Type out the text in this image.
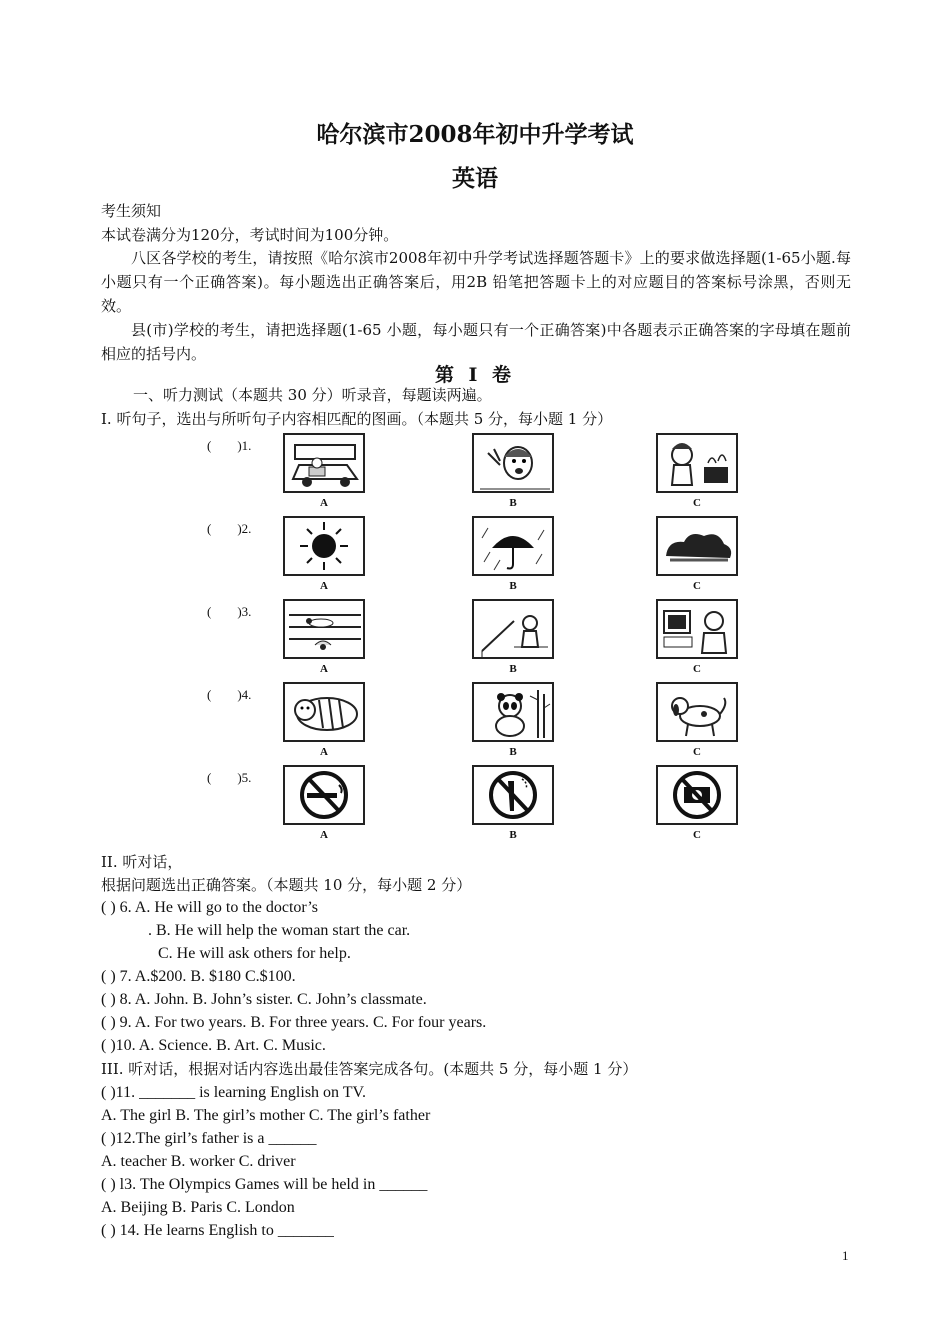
哈尔滨市2008年初中升学考试
英语
考生须知
本试卷满分为120分，考试时间为100分钟。
八区各学校的考生，请按照《哈尔滨市2008年初中升学考试选择题答题卡》上的要求做选择题(1-65小题.每小题只有一个正确答案)。每小题选出正确答案后，用2B 铅笔把答题卡上的对应题目的答案标号涂黑，否则无效。
县(市)学校的考生，请把选择题(1-65 小题，每小题只有一个正确答案)中各题表示正确答案的字母填在题前相应的括号内。
第 Ⅰ 卷
一、听力测试（本题共 30 分）听录音，每题读两遍。
Ⅰ. 听句子，选出与所听句子内容相匹配的图画。（本题共 5 分，每小题 1 分）
(　　)1.
A	B	C
(　　)2.
A	B	C
(　　)3.
A	B	C
(　　)4.
A	B	C
(　　)5.
A	B	C
II. 听对话，
根据问题选出正确答案。（本题共 10 分，每小题 2 分）
( ) 6. A. He will go to the doctor’s
. B. He will help the woman start the car.
C. He will ask others for help.
( ) 7. A.$200. B. $180 C.$100.
( ) 8. A. John. B. John’s sister. C. John’s classmate.
( ) 9. A. For two years. B. For three years. C. For four years.
( )10. A. Science. B. Art. C. Music.
III. 听对话，根据对话内容选出最佳答案完成各句。(本题共 5 分，每小题 1 分）
( )11. _______ is learning English on TV.
A. The girl B. The girl’s mother C. The girl’s father
( )12.The girl’s father is a ______
A. teacher B. worker C. driver
( ) l3. The Olympics Games will be held in ______
A. Beijing B. Paris C. London
( ) 14. He learns English to _______
1
